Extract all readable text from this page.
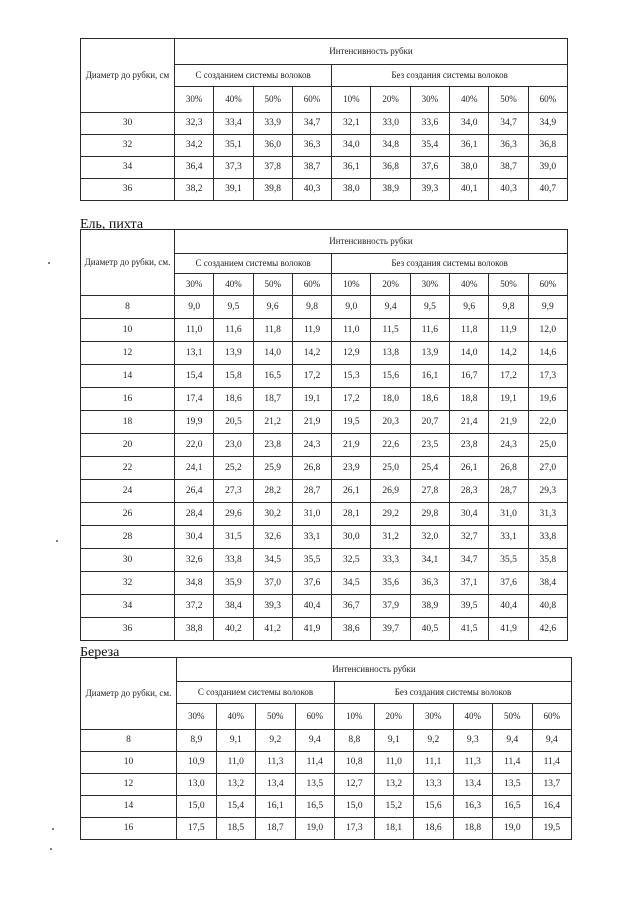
Ель, пихта
Береза
Диаметр до рубки, см	Интенсивность рубки									
	С созданием системы волоков				Без создания системы волоков					
	30%	40%	50%	60%	10%	20%	30%	40%	50%	60%
30	32,3	33,4	33,9	34,7	32,1	33,0	33,6	34,0	34,7	34,9
32	34,2	35,1	36,0	36,3	34,0	34,8	35,4	36,1	36,3	36,8
34	36,4	37,3	37,8	38,7	36,1	36,8	37,6	38,0	38,7	39,0
36	38,2	39,1	39,8	40,3	38,0	38,9	39,3	40,1	40,3	40,7
Диаметр до рубки, см.	Интенсивность рубки									
	С созданием системы волоков				Без создания системы волоков					
	30%	40%	50%	60%	10%	20%	30%	40%	50%	60%
8	9,0	9,5	9,6	9,8	9,0	9,4	9,5	9,6	9,8	9,9
10	11,0	11,6	11,8	11,9	11,0	11,5	11,6	11,8	11,9	12,0
12	13,1	13,9	14,0	14,2	12,9	13,8	13,9	14,0	14,2	14,6
14	15,4	15,8	16,5	17,2	15,3	15,6	16,1	16,7	17,2	17,3
16	17,4	18,6	18,7	19,1	17,2	18,0	18,6	18,8	19,1	19,6
18	19,9	20,5	21,2	21,9	19,5	20,3	20,7	21,4	21,9	22,0
20	22,0	23,0	23,8	24,3	21,9	22,6	23,5	23,8	24,3	25,0
22	24,1	25,2	25,9	26,8	23,9	25,0	25,4	26,1	26,8	27,0
24	26,4	27,3	28,2	28,7	26,1	26,9	27,8	28,3	28,7	29,3
26	28,4	29,6	30,2	31,0	28,1	29,2	29,8	30,4	31,0	31,3
28	30,4	31,5	32,6	33,1	30,0	31,2	32,0	32,7	33,1	33,8
30	32,6	33,8	34,5	35,5	32,5	33,3	34,1	34,7	35,5	35,8
32	34,8	35,9	37,0	37,6	34,5	35,6	36,3	37,1	37,6	38,4
34	37,2	38,4	39,3	40,4	36,7	37,9	38,9	39,5	40,4	40,8
36	38,8	40,2	41,2	41,9	38,6	39,7	40,5	41,5	41,9	42,6
Диаметр до рубки, см.	Интенсивность рубки									
	С созданием системы волоков				Без создания системы волоков					
	30%	40%	50%	60%	10%	20%	30%	40%	50%	60%
8	8,9	9,1	9,2	9,4	8,8	9,1	9,2	9,3	9,4	9,4
10	10,9	11,0	11,3	11,4	10,8	11,0	11,1	11,3	11,4	11,4
12	13,0	13,2	13,4	13,5	12,7	13,2	13,3	13,4	13,5	13,7
14	15,0	15,4	16,1	16,5	15,0	15,2	15,6	16,3	16,5	16,4
16	17,5	18,5	18,7	19,0	17,3	18,1	18,6	18,8	19,0	19,5
